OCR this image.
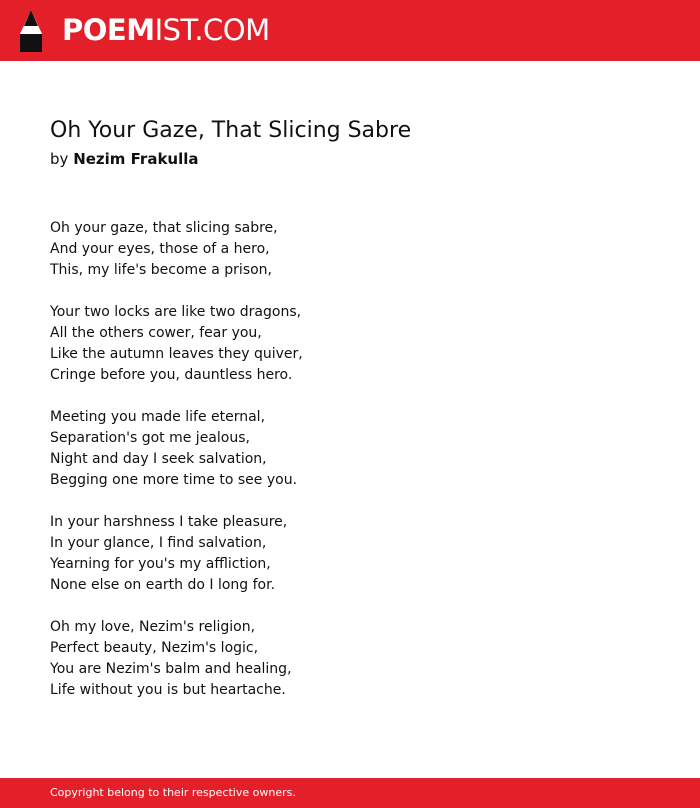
POEMIST.COM
Oh Your Gaze, That Slicing Sabre
by Nezim Frakulla
Oh your gaze, that slicing sabre,
And your eyes, those of a hero,
This, my life's become a prison,
Your two locks are like two dragons,
All the others cower, fear you,
Like the autumn leaves they quiver,
Cringe before you, dauntless hero.
Meeting you made life eternal,
Separation's got me jealous,
Night and day I seek salvation,
Begging one more time to see you.
In your harshness I take pleasure,
In your glance, I find salvation,
Yearning for you's my affliction,
None else on earth do I long for.
Oh my love, Nezim's religion,
Perfect beauty, Nezim's logic,
You are Nezim's balm and healing,
Life without you is but heartache.
Copyright belong to their respective owners.
